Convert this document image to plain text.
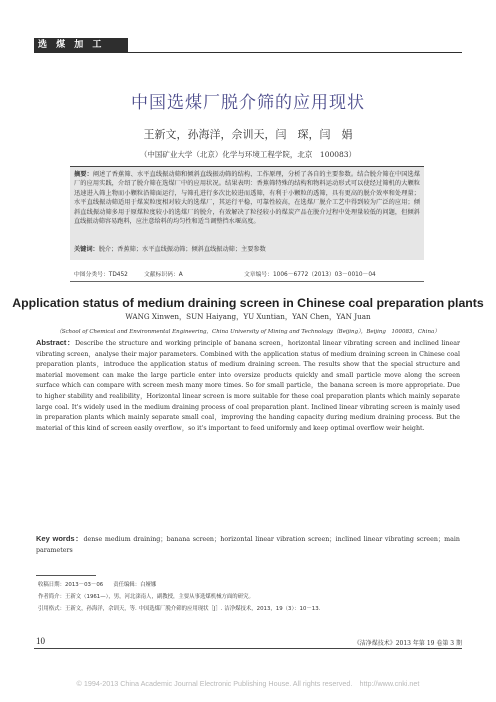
选 煤 加 工
中国选煤厂脱介筛的应用现状
王新文，孙海洋，佘训天，闫　琛，闫　娟
（中国矿业大学（北京）化学与环境工程学院，北京　100083）
摘要：阐述了香蕉筛、水平直线振动筛和倾斜直线振动筛的结构、工作原理，分析了各自的主要参数。结合脱介筛在中国选煤厂的应用实践，介绍了脱介筛在选煤厂中的应用状况。结果表明：香蕉筛特殊的结构和物料运动形式可以使经过筛机的大颗粒迅速进入筛上物而小颗粒沿筛面运行，与筛孔进行多次比较进而透筛，有利于小颗粒的透筛，具有更高的脱介效率和处理量；水平直线振动筛适用于煤炭粒度相对较大的选煤厂，其运行平稳，可靠性较高，在选煤厂脱介工艺中得到较为广泛的应用；倾斜直线振动筛多用于原煤粒度较小的选煤厂的脱介，有效解决了粒径较小的煤炭产品在脱介过程中处理量较低的问题，但倾斜直线振动筛容易跑料，应注意给料的均匀性和适当调整挡水堰高度。
关键词：脱介；香蕉筛；水平直线振动筛；倾斜直线振动筛；主要参数
中图分类号：TD452	文献标识码：A	文章编号：1006－6772（2013）03－0010－04
Application status of medium draining screen in Chinese coal preparation plants
WANG Xinwen，SUN Haiyang，YU Xuntian，YAN Chen，YAN Juan
（School of Chemical and Environmental Engineering，China University of Mining and Technology（Beijing），Beijing　100083，China）
Abstract：Describe the structure and working principle of banana screen，horizontal linear vibrating screen and inclined linear vibrating screen，analyse their major parameters. Combined with the application status of medium draining screen in Chinese coal preparation plants，introduce the application status of medium draining screen. The results show that the special structure and material movement can make the large particle enter into oversize products quickly and small particle move along the screen surface which can compare with screen mesh many more times. So for small particle，the banana screen is more appropriate. Due to higher stability and realibility，Horizontal linear screen is more suitable for these coal preparation plants which mainly separate large coal. It's widely used in the medium draining process of coal preparation plant. Inclined linear vibrating screen is mainly used in preparation plants which mainly separate small coal，improving the handing capacity during medium draining process. But the material of this kind of screen easily overflow，so it's important to feed uniformly and keep optimal overflow weir height.
Key words：dense medium draining；banana screen；horizontal linear vibration screen；inclined linear vibrating screen；main parameters
收稿日期：2013－03－06 责任编辑：白娅娜
作者简介：王新文（1961—），男，河北滦南人，副教授，主要从事选煤机械方面的研究。
引用格式：王新文，孙海洋，佘训天，等. 中国选煤厂脱介筛的应用现状［J］. 洁净煤技术，2013，19（3）：10－13.
10	《洁净煤技术》2013 年第 19 卷第 3 期
© 1994-2013 China Academic Journal Electronic Publishing House. All rights reserved.　http://www.cnki.net
